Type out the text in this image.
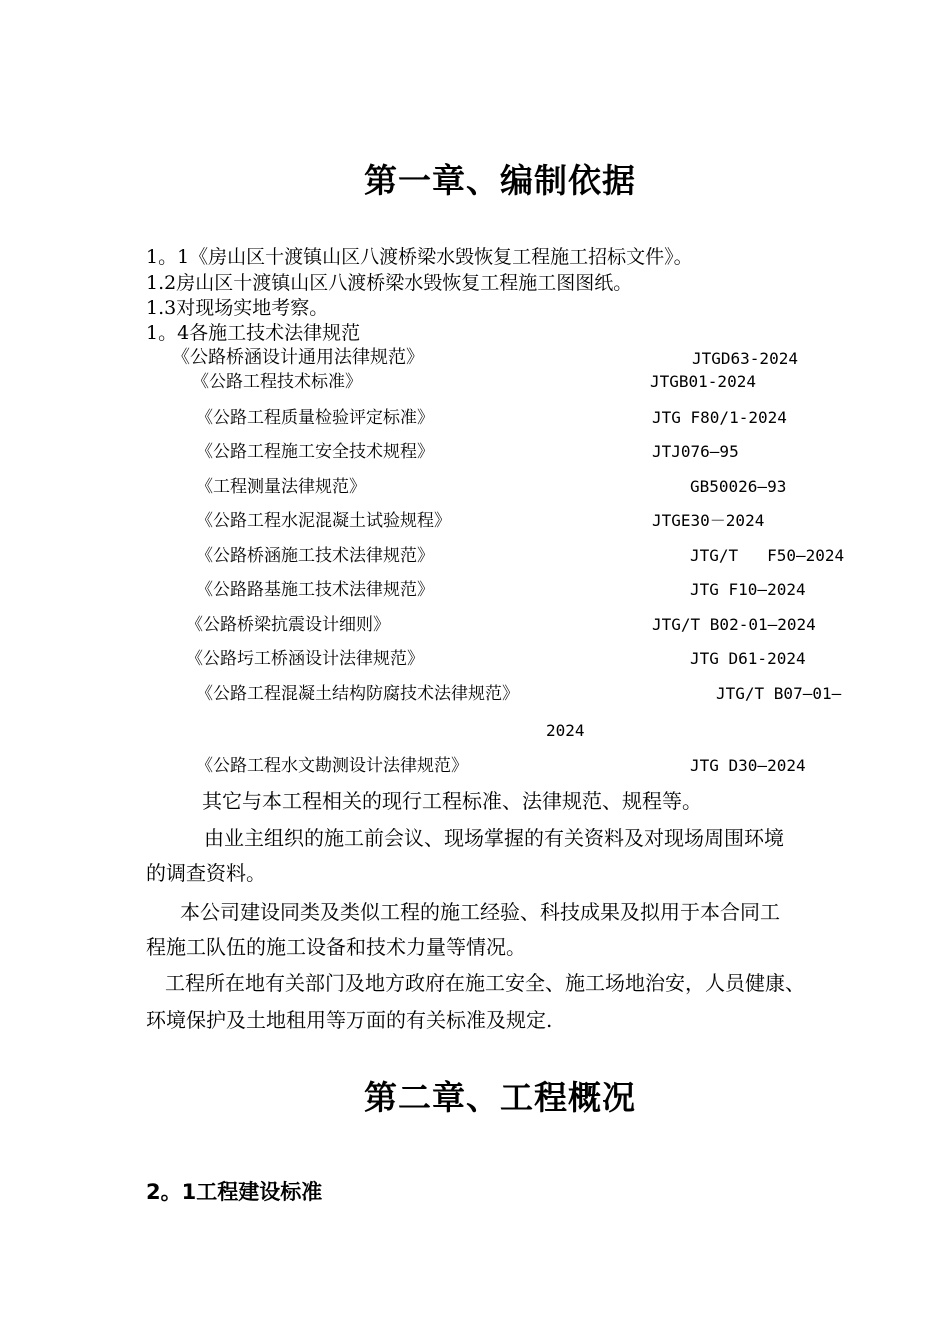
第一章、编制依据
1。1《房山区十渡镇山区八渡桥梁水毁恢复工程施工招标文件》。
1.2房山区十渡镇山区八渡桥梁水毁恢复工程施工图图纸。
1.3对现场实地考察。
1。4各施工技术法律规范
《公路桥涵设计通用法律规范》	JTGD63-2024
《公路工程技术标准》	JTGB01-2024
《公路工程质量检验评定标准》	JTG F80/1-2024
《公路工程施工安全技术规程》	JTJ076—95
《工程测量法律规范》	GB50026—93
《公路工程水泥混凝土试验规程》	JTGE30－2024
《公路桥涵施工技术法律规范》	JTG/T   F50—2024
《公路路基施工技术法律规范》	JTG F10—2024
《公路桥梁抗震设计细则》	JTG/T B02-01—2024
《公路圬工桥涵设计法律规范》	JTG D61-2024
《公路工程混凝土结构防腐技术法律规范》	JTG/T B07—01—
2024
《公路工程水文勘测设计法律规范》	JTG D30—2024
其它与本工程相关的现行工程标准、法律规范、规程等。
由业主组织的施工前会议、现场掌握的有关资料及对现场周围环境
的调查资料。
本公司建设同类及类似工程的施工经验、科技成果及拟用于本合同工
程施工队伍的施工设备和技术力量等情况。
工程所在地有关部门及地方政府在施工安全、施工场地治安，人员健康、
环境保护及土地租用等万面的有关标准及规定.
第二章、工程概况
2。1工程建设标准
